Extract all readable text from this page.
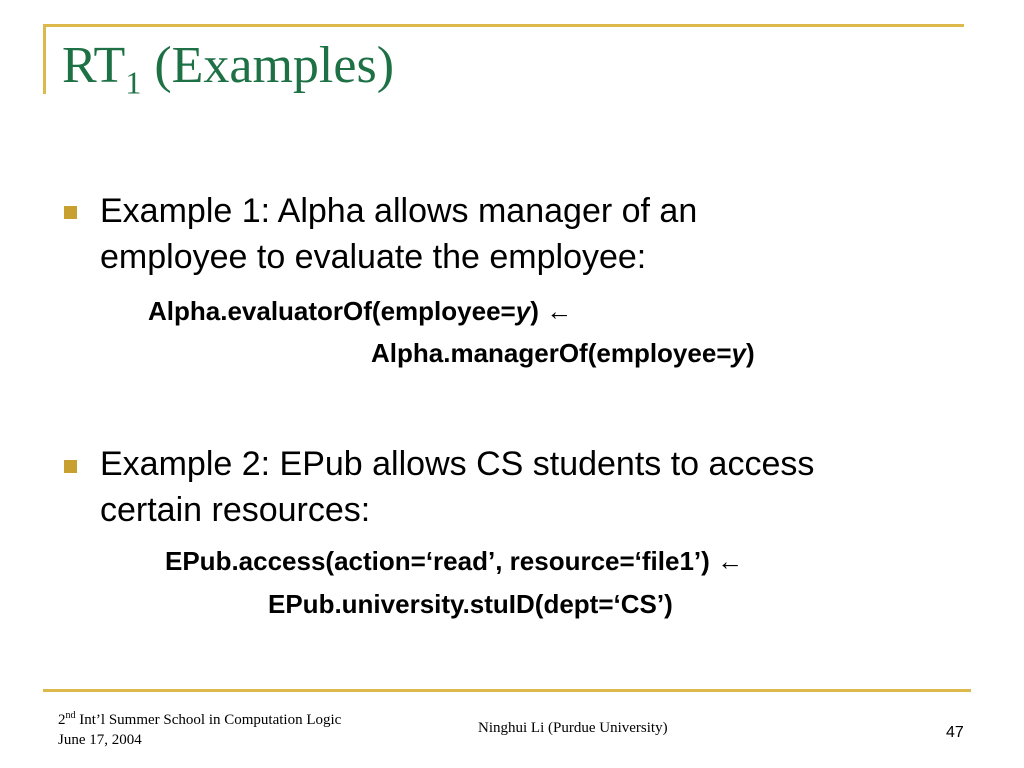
$RT_1$ (Examples)
Example 1: Alpha allows manager of an
employee to evaluate the employee:
Alpha.evaluatorOf(employee=y) ←
Alpha.managerOf(employee=y)
Example 2: EPub allows CS students to access
certain resources:
EPub.access(action=‘read’, resource=‘file1’) ←
EPub.university.stuID(dept=‘CS’)
2nd Int’l Summer School in Computation Logic
June 17, 2004
Ninghui Li (Purdue University)	47
